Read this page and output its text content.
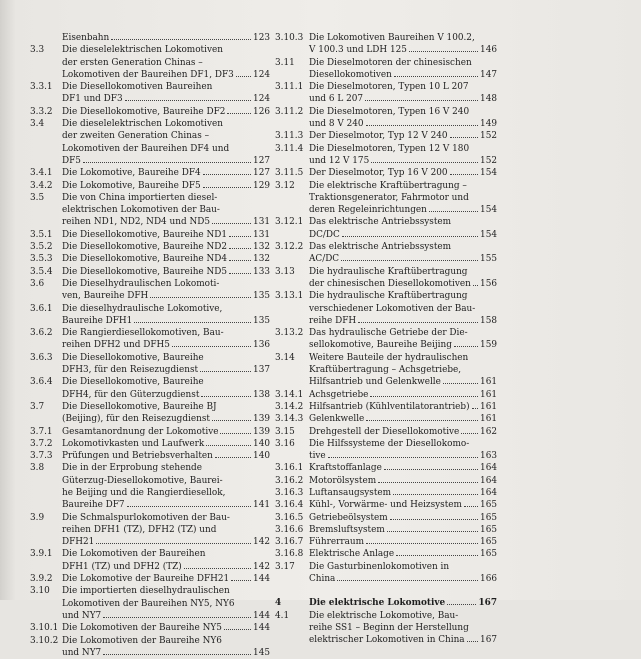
Eisenbahn	123
3.3	Die dieselelektrischen Lokomotiven
der ersten Generation Chinas –
Lokomotiven der Baureihen DF1, DF3 124
3.3.1	Die Diesellokomotiven Baureihen
DF1 und DF3	124
3.3.2	Die Diesellokomotive, Baureihe DF2	126
3.4	Die dieselelektrischen Lokomotiven
der zweiten Generation Chinas –
Lokomotiven der Baureihen DF4 und
DF5	127
3.4.1	Die Lokomotive, Baureihe DF4	127
3.4.2	Die Lokomotive, Baureihe DF5	129
3.5	Die von China importierten diesel-
elektrischen Lokomotiven der Bau-
reihen ND1, ND2, ND4 und ND5	131
3.5.1	Die Diesellokomotive, Baureihe ND1	131
3.5.2	Die Diesellokomotive, Baureihe ND2	132
3.5.3	Die Diesellokomotive, Baureihe ND4	132
3.5.4	Die Diesellokomotive, Baureihe ND5	133
3.6	Die Dieselhydraulischen Lokomoti-
ven, Baureihe DFH	135
3.6.1	Die dieselhydraulische Lokomotive,
Baureihe DFH1	135
3.6.2	Die Rangierdiesellokomotiven, Bau-
reihen DFH2 und DFH5	136
3.6.3	Die Diesellokomotive, Baureihe
DFH3, für den Reisezugdienst	137
3.6.4	Die Diesellokomotive, Baureihe
DFH4, für den Güterzugdienst	138
3.7	Die Diesellokomotive, Baureihe BJ
(Beijing), für den Reisezugdienst	139
3.7.1	Gesamtanordnung der Lokomotive	139
3.7.2	Lokomotivkasten und Laufwerk	140
3.7.3	Prüfungen und Betriebsverhalten	140
3.8	Die in der Erprobung stehende
Güterzug-Diesellokomotive, Baurei-
he Beijing und die Rangierdiesellok,
Baureihe DF7	141
3.9	Die Schmalspurlokomotiven der Bau-
reihen DFH1 (TZ), DFH2 (TZ) und
DFH21	142
3.9.1	Die Lokomotiven der Baureihen
DFH1 (TZ) und DFH2 (TZ)	142
3.9.2	Die Lokomotive der Baureihe DFH21	144
3.10	Die importierten dieselhydraulischen
Lokomotiven der Baureihen NY5, NY6
und NY7	144
3.10.1 Die Lokomotiven der Baureihe NY5	144
3.10.2 Die Lokomotiven der Baureihe NY6
und NY7	145
3.10.3 Die Lokomotiven Baureihen V 100.2,
V 100.3 und LDH 125	146
3.11	Die Dieselmotoren der chinesischen
Diesellokomotiven	147
3.11.1 Die Dieselmotoren, Typen 10 L 207
und 6 L 207	148
3.11.2 Die Dieselmotoren, Typen 16 V 240
und 8 V 240	149
3.11.3 Der Dieselmotor, Typ 12 V 240	152
3.11.4 Die Dieselmotoren, Typen 12 V 180
und 12 V 175	152
3.11.5 Der Dieselmotor, Typ 16 V 200	154
3.12	Die elektrische Kraftübertragung –
Traktionsgenerator, Fahrmotor und
deren Regeleinrichtungen	154
3.12.1 Das elektrische Antriebssystem
DC/DC	154
3.12.2 Das elektrische Antriebssystem
AC/DC	155
3.13	Die hydraulische Kraftübertragung
der chinesischen Diesellokomotiven 156
3.13.1 Die hydraulische Kraftübertragung
verschiedener Lokomotiven der Bau-
reihe DFH	158
3.13.2 Das hydraulische Getriebe der Die-
sellokomotive, Baureihe Beijing	159
3.14	Weitere Bauteile der hydraulischen
Kraftübertragung – Achsgetriebe,
Hilfsantrieb und Gelenkwelle	161
3.14.1 Achsgetriebe	161
3.14.2 Hilfsantrieb (Kühlventilatorantrieb) 161
3.14.3 Gelenkwelle	161
3.15	Drehgestell der Diesellokomotive 162
3.16	Die Hilfssysteme der Diesellokomo-
tive	163
3.16.1 Kraftstoffanlage	164
3.16.2 Motorölsystem	164
3.16.3 Luftansaugsystem	164
3.16.4 Kühl-, Vorwärme- und Heizsystem 165
3.16.5 Getriebeölsystem	165
3.16.6 Bremsluftsystem	165
3.16.7 Führerraum	165
3.16.8 Elektrische Anlage	165
3.17	Die Gasturbinenlokomotiven in
China	166
4	Die elektrische Lokomotive	167
4.1	Die elektrische Lokomotive, Bau-
reihe SS1 – Beginn der Herstellung
elektrischer Lokomotiven in China 167
